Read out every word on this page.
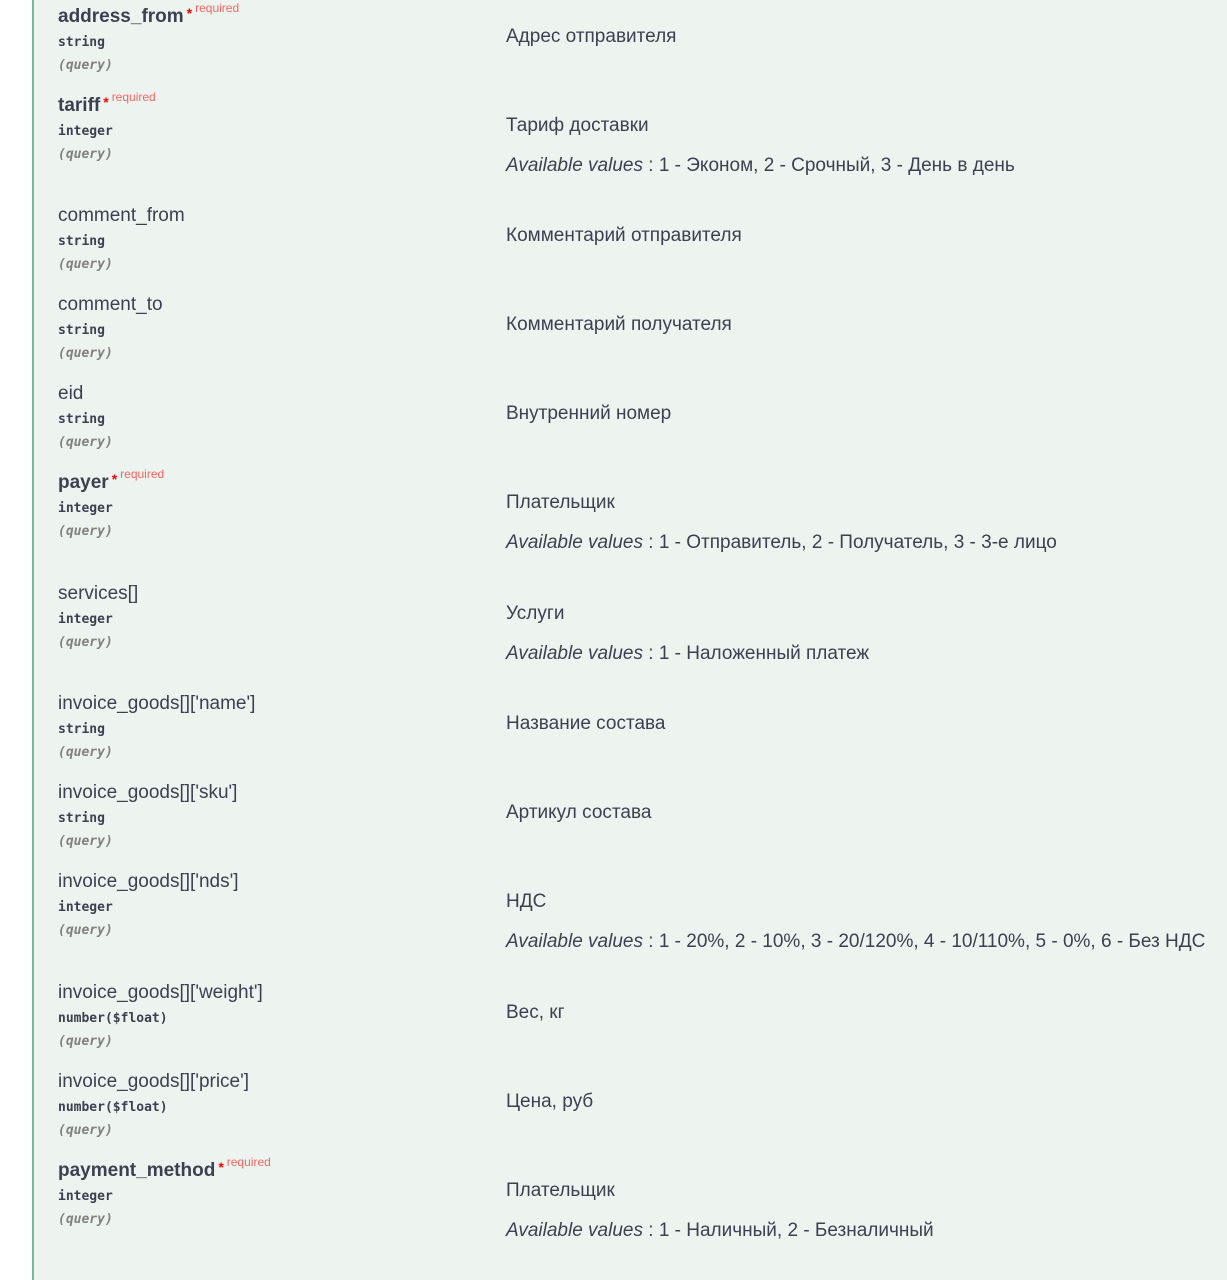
address_from * $^{required}$
string
(query)
Адрес отправителя
tariff * $^{required}$
integer
(query)
Тариф доставки
Available values : 1 - Эконом, 2 - Срочный, 3 - День в день
comment_from
string
(query)
Комментарий отправителя
comment_to
string
(query)
Комментарий получателя
eid
string
(query)
Внутренний номер
payer * $^{required}$
integer
(query)
Плательщик
Available values : 1 - Отправитель, 2 - Получатель, 3 - 3-е лицо
services[]
integer
(query)
Услуги
Available values : 1 - Наложенный платеж
invoice_goods[]['name']
string
(query)
Название состава
invoice_goods[]['sku']
string
(query)
Артикул состава
invoice_goods[]['nds']
integer
(query)
НДС
Available values : 1 - 20%, 2 - 10%, 3 - 20/120%, 4 - 10/110%, 5 - 0%, 6 - Без НДС
invoice_goods[]['weight']
number($float)
(query)
Вес, кг
invoice_goods[]['price']
number($float)
(query)
Цена, руб
payment_method * $^{required}$
integer
(query)
Плательщик
Available values : 1 - Наличный, 2 - Безналичный
